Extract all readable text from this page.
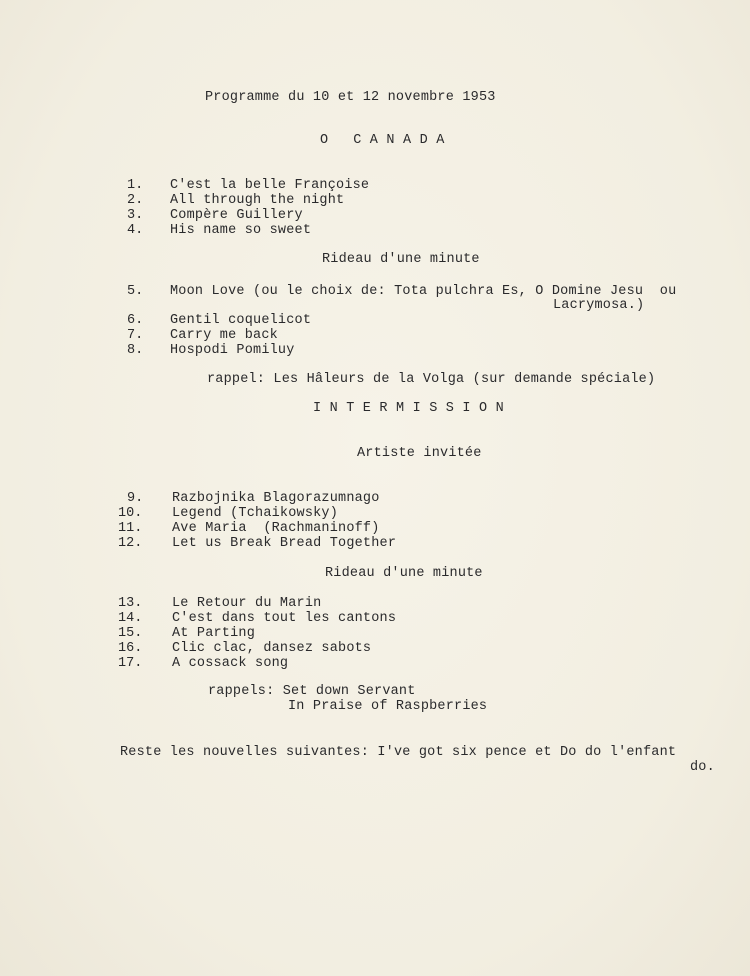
Programme du 10 et 12 novembre 1953
O CANADA
1. C'est la belle Françoise
2. All through the night
3. Compère Guillery
4. His name so sweet
Rideau d'une minute
5. Moon Love (ou le choix de: Tota pulchra Es, O Domine Jesu  ou
Lacrymosa.)
6. Gentil coquelicot
7. Carry me back
8. Hospodi Pomiluy
rappel: Les Hâleurs de la Volga (sur demande spéciale)
INTERMISSION
Artiste invitée
9. Razbojnika Blagorazumnago
10. Legend (Tchaikowsky)
11. Ave Maria  (Rachmaninoff)
12. Let us Break Bread Together
Rideau d'une minute
13. Le Retour du Marin
14. C'est dans tout les cantons
15. At Parting
16. Clic clac, dansez sabots
17. A cossack song
rappels: Set down Servant
In Praise of Raspberries
Reste les nouvelles suivantes: I've got six pence et Do do l'enfant
do.
